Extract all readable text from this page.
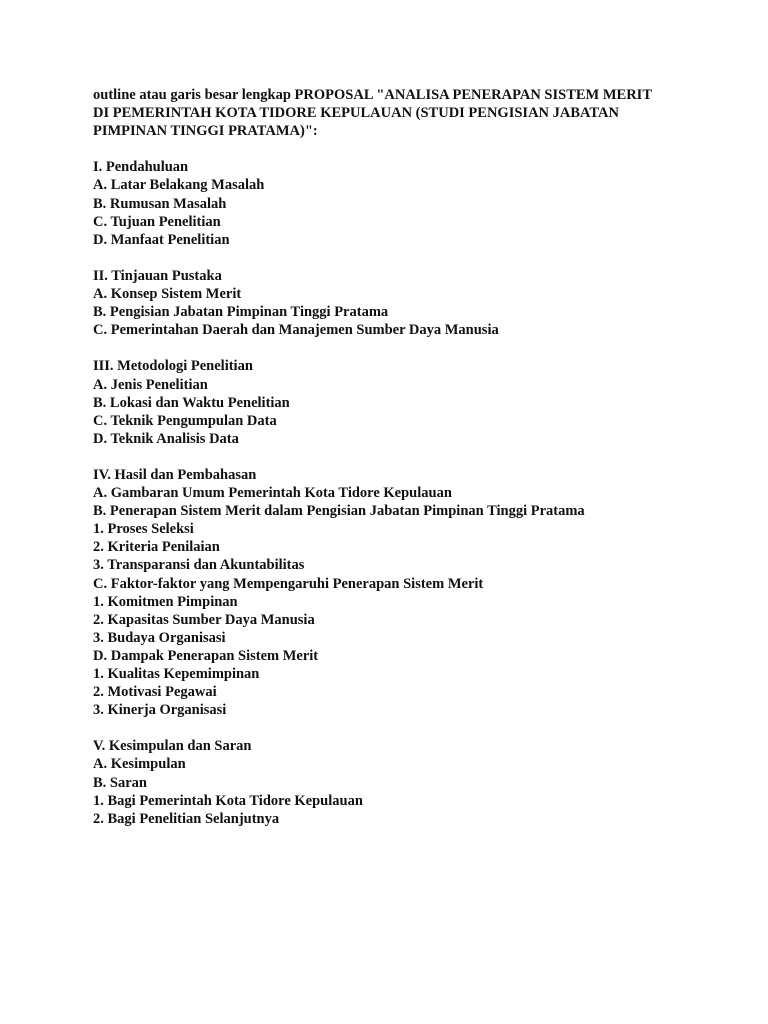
outline atau garis besar lengkap PROPOSAL "ANALISA PENERAPAN SISTEM MERIT DI PEMERINTAH KOTA TIDORE KEPULAUAN (STUDI PENGISIAN JABATAN PIMPINAN TINGGI PRATAMA)":

I. Pendahuluan
A. Latar Belakang Masalah
B. Rumusan Masalah
C. Tujuan Penelitian
D. Manfaat Penelitian
II. Tinjauan Pustaka
A. Konsep Sistem Merit
B. Pengisian Jabatan Pimpinan Tinggi Pratama
C. Pemerintahan Daerah dan Manajemen Sumber Daya Manusia
III. Metodologi Penelitian
A. Jenis Penelitian
B. Lokasi dan Waktu Penelitian
C. Teknik Pengumpulan Data
D. Teknik Analisis Data
IV. Hasil dan Pembahasan
A. Gambaran Umum Pemerintah Kota Tidore Kepulauan
B. Penerapan Sistem Merit dalam Pengisian Jabatan Pimpinan Tinggi Pratama
1. Proses Seleksi
2. Kriteria Penilaian
3. Transparansi dan Akuntabilitas
C. Faktor-faktor yang Mempengaruhi Penerapan Sistem Merit
1. Komitmen Pimpinan
2. Kapasitas Sumber Daya Manusia
3. Budaya Organisasi
D. Dampak Penerapan Sistem Merit
1. Kualitas Kepemimpinan
2. Motivasi Pegawai
3. Kinerja Organisasi
V. Kesimpulan dan Saran
A. Kesimpulan
B. Saran
1. Bagi Pemerintah Kota Tidore Kepulauan
2. Bagi Penelitian Selanjutnya
